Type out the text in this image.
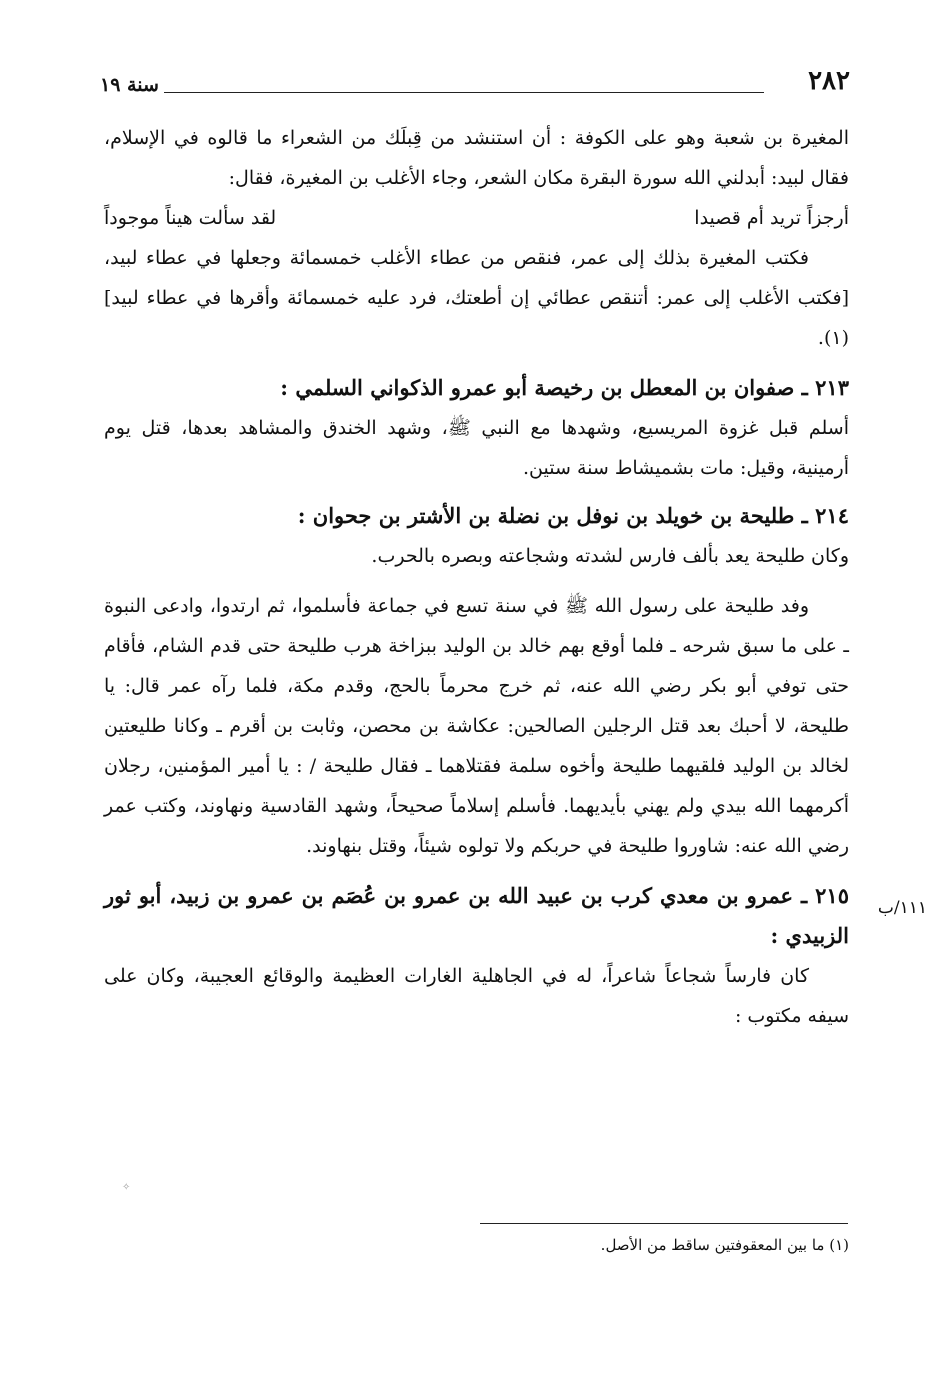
٢٨٢
سنة ١٩

المغيرة بن شعبة وهو على الكوفة : أن استنشد من قِبلَك من الشعراء ما قالوه في الإسلام، فقال لبيد: أبدلني الله سورة البقرة مكان الشعر، وجاء الأغلب بن المغيرة، فقال:

أرجزاً تريد أم قصيدا
لقد سألت هيناً موجوداً

فكتب المغيرة بذلك إلى عمر، فنقص من عطاء الأغلب خمسمائة وجعلها في عطاء لبيد، [فكتب الأغلب إلى عمر: أتنقص عطائي إن أطعتك، فرد عليه خمسمائة وأقرها في عطاء لبيد](١).

٢١٣ ـ صفوان بن المعطل بن رخيصة أبو عمرو الذكواني السلمي :

أسلم قبل غزوة المريسيع، وشهدها مع النبي ﷺ، وشهد الخندق والمشاهد بعدها، قتل يوم أرمينية، وقيل: مات بشميشاط سنة ستين.

٢١٤ ـ طليحة بن خويلد بن نوفل بن نضلة بن الأشتر بن جحوان :

وكان طليحة يعد بألف فارس لشدته وشجاعته وبصره بالحرب.

وفد طليحة على رسول الله ﷺ في سنة تسع في جماعة فأسلموا، ثم ارتدوا، وادعى النبوة ـ على ما سبق شرحه ـ فلما أوقع بهم خالد بن الوليد ببزاخة هرب طليحة حتى قدم الشام، فأقام حتى توفي أبو بكر رضي الله عنه، ثم خرج محرماً بالحج، وقدم مكة، فلما رآه عمر قال: يا طليحة، لا أحبك بعد قتل الرجلين الصالحين: عكاشة بن محصن، وثابت بن أقرم ـ وكانا طليعتين لخالد بن الوليد فلقيهما طليحة وأخوه سلمة فقتلاهما ـ فقال طليحة / : يا أمير المؤمنين، رجلان أكرمهما الله بيدي ولم يهني بأيديهما. فأسلم إسلاماً صحيحاً، وشهد القادسية ونهاوند، وكتب عمر رضي الله عنه: شاوروا طليحة في حربكم ولا تولوه شيئاً، وقتل بنهاوند.

٢١٥ ـ عمرو بن معدي كرب بن عبيد الله بن عمرو بن عُصَم بن عمرو بن زبيد، أبو ثور الزبيدي :

كان فارساً شجاعاً شاعراً، له في الجاهلية الغارات العظيمة والوقائع العجيبة، وكان على سيفه مكتوب :

١١١/ب
(١) ما بين المعقوفتين ساقط من الأصل.
✧
